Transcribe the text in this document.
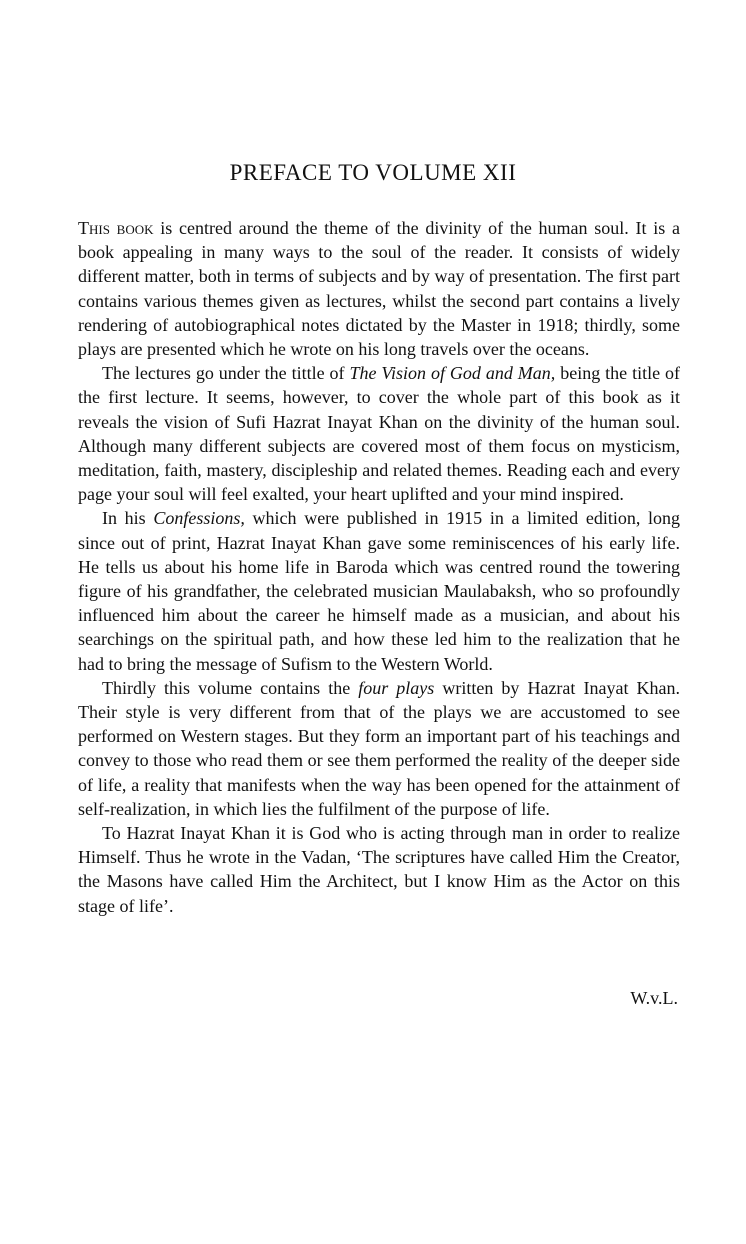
PREFACE TO VOLUME XII

This book is centred around the theme of the divinity of the human soul. It is a book appealing in many ways to the soul of the reader. It consists of widely different matter, both in terms of subjects and by way of presentation. The first part contains various themes given as lectures, whilst the second part contains a lively rendering of autobiographical notes dictated by the Master in 1918; thirdly, some plays are presented which he wrote on his long travels over the oceans.

The lectures go under the tittle of The Vision of God and Man, being the title of the first lecture. It seems, however, to cover the whole part of this book as it reveals the vision of Sufi Hazrat Inayat Khan on the divinity of the human soul. Although many different subjects are covered most of them focus on mysticism, meditation, faith, mastery, discipleship and related themes. Reading each and every page your soul will feel exalted, your heart uplifted and your mind inspired.

In his Confessions, which were published in 1915 in a limited edition, long since out of print, Hazrat Inayat Khan gave some reminiscences of his early life. He tells us about his home life in Baroda which was centred round the towering figure of his grandfather, the celebrated musician Maulabaksh, who so profoundly influenced him about the career he himself made as a musician, and about his searchings on the spiritual path, and how these led him to the realization that he had to bring the message of Sufism to the Western World.

Thirdly this volume contains the four plays written by Hazrat Inayat Khan. Their style is very different from that of the plays we are accustomed to see performed on Western stages. But they form an important part of his teachings and convey to those who read them or see them performed the reality of the deeper side of life, a reality that manifests when the way has been opened for the attainment of self-realization, in which lies the fulfilment of the purpose of life.

To Hazrat Inayat Khan it is God who is acting through man in order to realize Himself. Thus he wrote in the Vadan, ‘The scriptures have called Him the Creator, the Masons have called Him the Architect, but I know Him as the Actor on this stage of life’.

W.v.L.
